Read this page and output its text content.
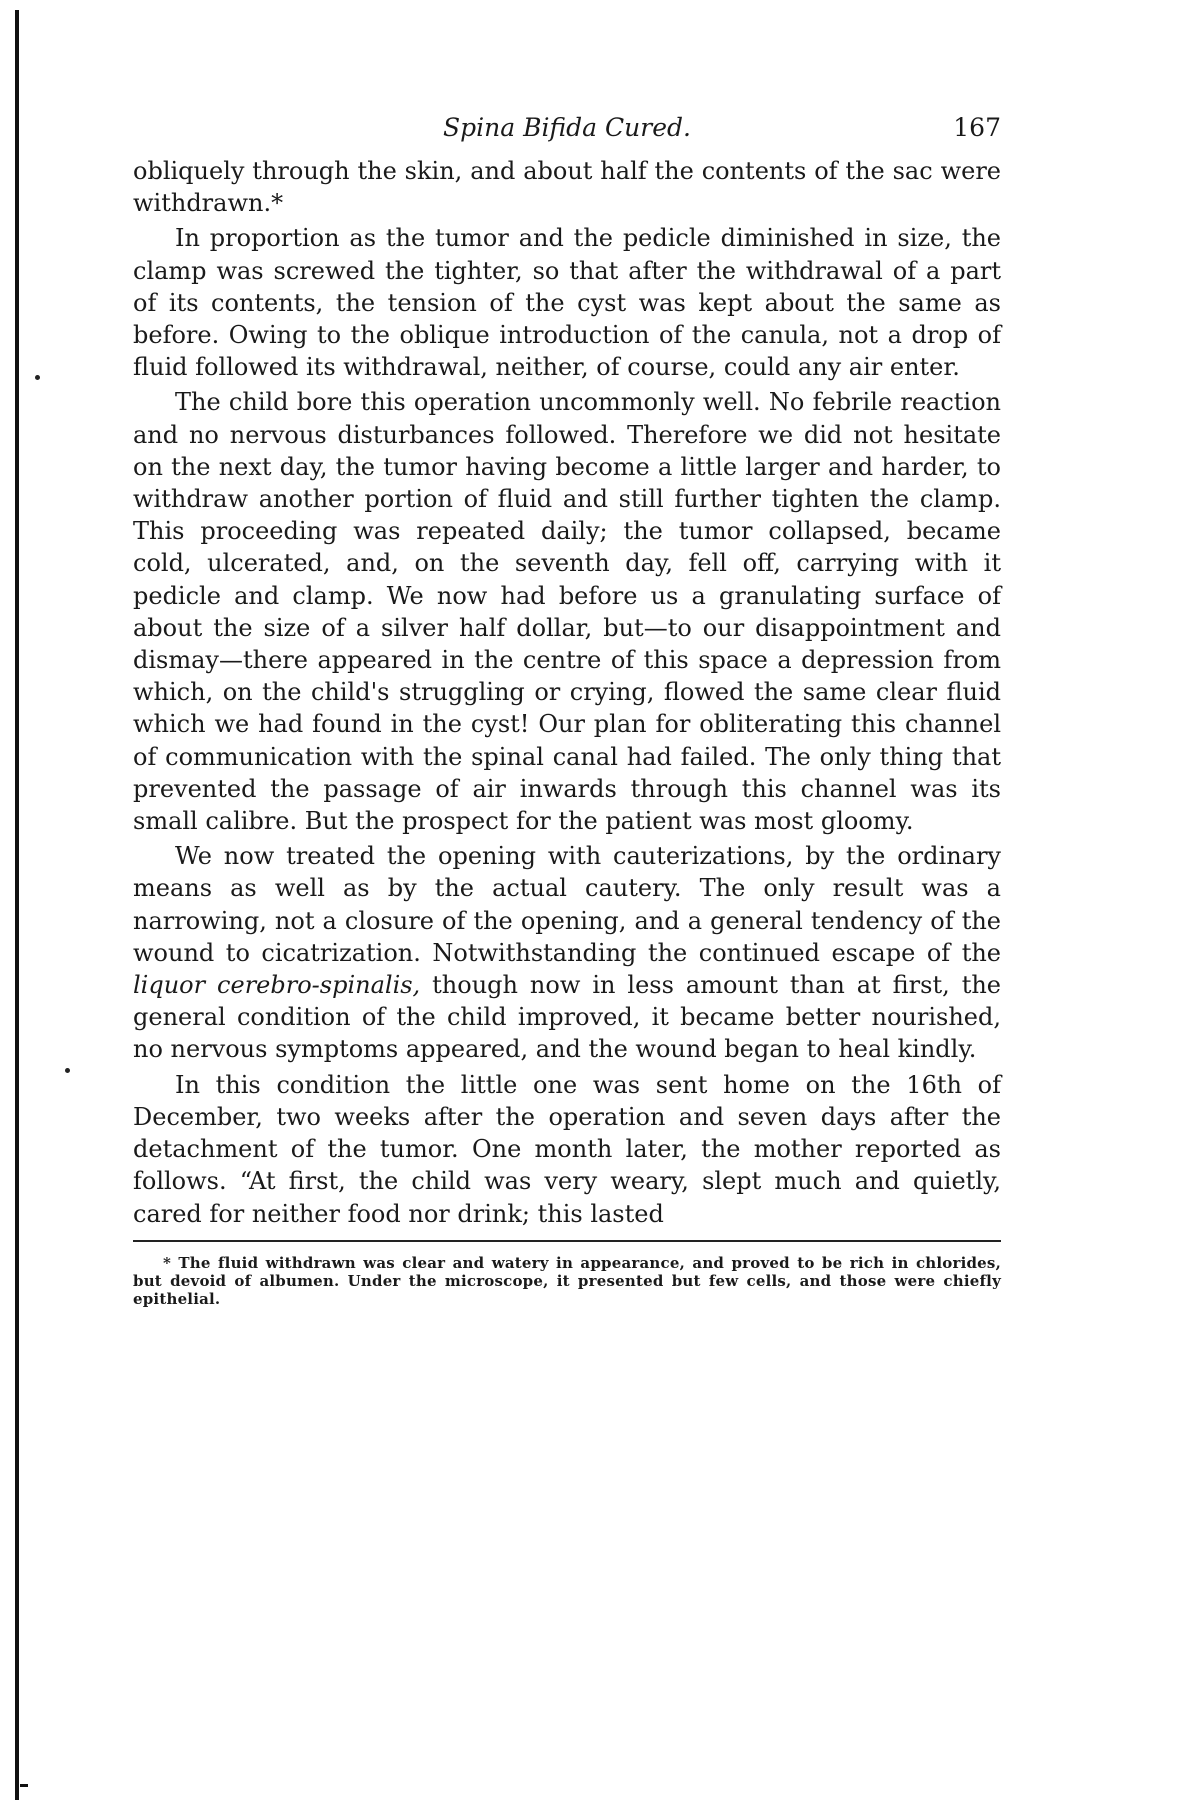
Spina Bifida Cured.	167

obliquely through the skin, and about half the contents of the sac were withdrawn.*

In proportion as the tumor and the pedicle diminished in size, the clamp was screwed the tighter, so that after the withdrawal of a part of its contents, the tension of the cyst was kept about the same as before. Owing to the oblique introduction of the canula, not a drop of fluid followed its withdrawal, neither, of course, could any air enter.

The child bore this operation uncommonly well. No febrile reaction and no nervous disturbances followed. Therefore we did not hesitate on the next day, the tumor having become a little larger and harder, to withdraw another portion of fluid and still further tighten the clamp. This proceeding was repeated daily; the tumor collapsed, became cold, ulcerated, and, on the seventh day, fell off, carrying with it pedicle and clamp. We now had before us a granulating surface of about the size of a silver half dollar, but—to our disappointment and dismay—there appeared in the centre of this space a depression from which, on the child's struggling or crying, flowed the same clear fluid which we had found in the cyst! Our plan for obliterating this channel of communication with the spinal canal had failed. The only thing that prevented the passage of air inwards through this channel was its small calibre. But the prospect for the patient was most gloomy.

We now treated the opening with cauterizations, by the ordinary means as well as by the actual cautery. The only result was a narrowing, not a closure of the opening, and a general tendency of the wound to cicatrization. Notwithstanding the continued escape of the liquor cerebro-spinalis, though now in less amount than at first, the general condition of the child improved, it became better nourished, no nervous symptoms appeared, and the wound began to heal kindly.

In this condition the little one was sent home on the 16th of December, two weeks after the operation and seven days after the detachment of the tumor. One month later, the mother reported as follows. “At first, the child was very weary, slept much and quietly, cared for neither food nor drink; this lasted

* The fluid withdrawn was clear and watery in appearance, and proved to be rich in chlorides, but devoid of albumen. Under the microscope, it presented but few cells, and those were chiefly epithelial.
